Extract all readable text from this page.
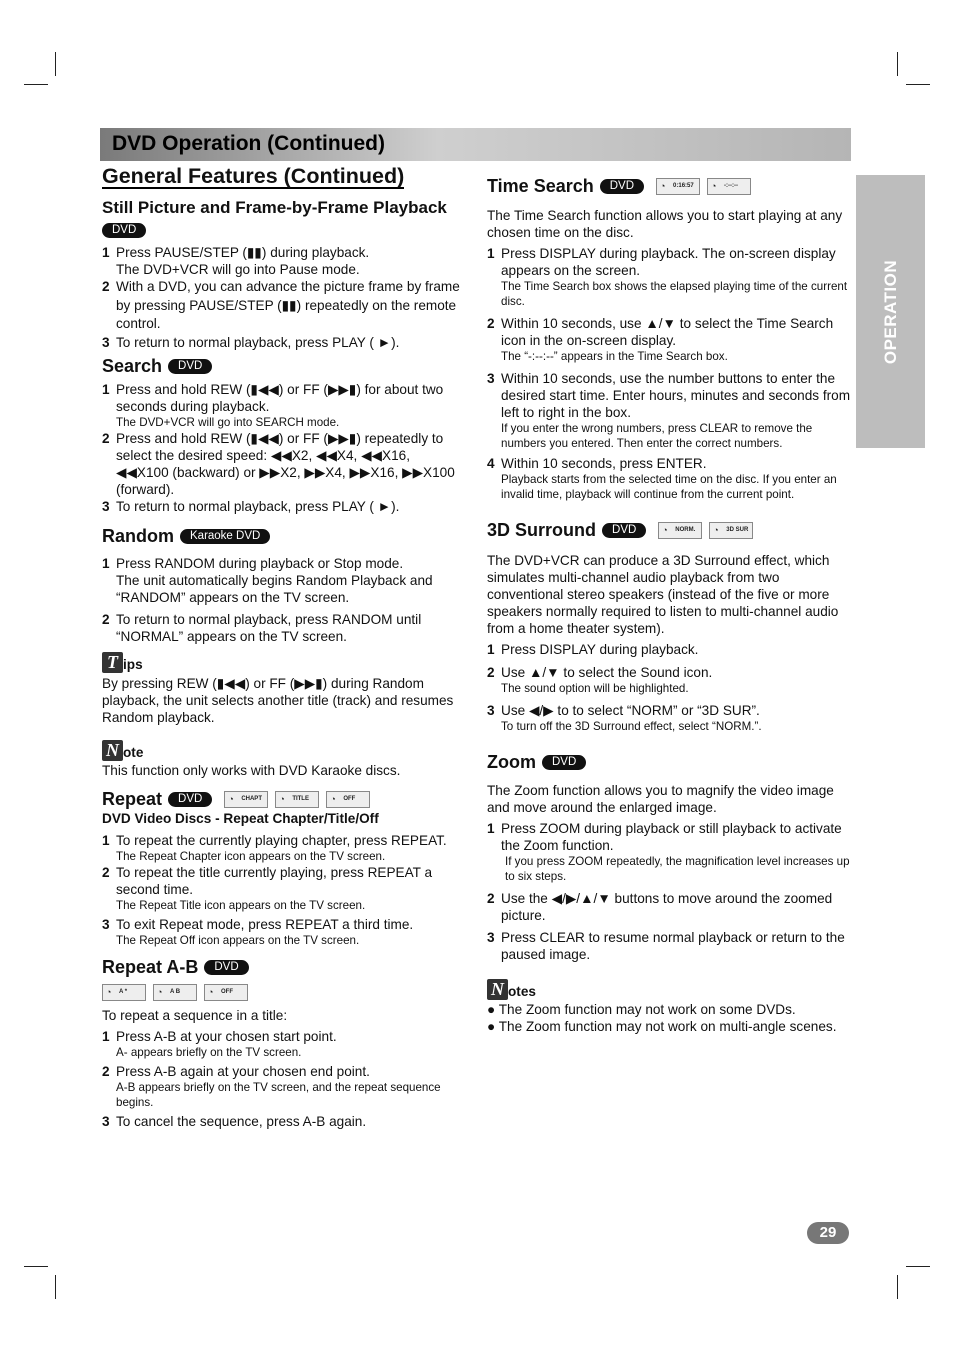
DVD Operation (Continued)
OPERATION
General Features (Continued)
Still Picture and Frame-by-Frame Playback
DVD
1 Press PAUSE/STEP (▮▮) during playback.
The DVD+VCR will go into Pause mode.
2 With a DVD, you can advance the picture frame by frame by pressing PAUSE/STEP (▮▮) repeatedly on the remote control.
3 To return to normal playback, press PLAY ( ►).
Search	DVD
1 Press and hold REW (▮◀◀) or FF (▶▶▮) for about two seconds during playback.
The DVD+VCR will go into SEARCH mode.
2 Press and hold REW (▮◀◀) or FF (▶▶▮) repeatedly to select the desired speed: ◀◀X2, ◀◀X4, ◀◀X16, ◀◀X100 (backward) or ▶▶X2, ▶▶X4, ▶▶X16, ▶▶X100 (forward).
3 To return to normal playback, press PLAY ( ►).
Random	Karaoke DVD
1 Press RANDOM during playback or Stop mode.
The unit automatically begins Random Playback and “RANDOM” appears on the TV screen.
2 To return to normal playback, press RANDOM until “NORMAL” appears on the TV screen.
T ips

By pressing REW (▮◀◀) or FF (▶▶▮) during Random playback, the unit selects another title (track) and resumes Random playback.

N ote

This function only works with DVD Karaoke discs.

Repeat	DVD	◔ CHAPT	◔ TITLE	◔ OFF

DVD Video Discs - Repeat Chapter/Title/Off

1 To repeat the currently playing chapter, press REPEAT.
The Repeat Chapter icon appears on the TV screen.
2 To repeat the title currently playing, press REPEAT a second time.
The Repeat Title icon appears on the TV screen.
3 To exit Repeat mode, press REPEAT a third time.
The Repeat Off icon appears on the TV screen.
Repeat A-B	DVD
◔ A *	◔ A B	◔ OFF

To repeat a sequence in a title:

1 Press A-B at your chosen start point.
A- appears briefly on the TV screen.
2 Press A-B again at your chosen end point.
A-B appears briefly on the TV screen, and the repeat sequence begins.
3 To cancel the sequence, press A-B again.
Time Search	DVD	◔ 0:16:57	◔ -:--:--

The Time Search function allows you to start playing at any chosen time on the disc.

1 Press DISPLAY during playback. The on-screen display appears on the screen.
The Time Search box shows the elapsed playing time of the current disc.
2 Within 10 seconds, use ▲/▼ to select the Time Search icon in the on-screen display.
The “-:--:--” appears in the Time Search box.
3 Within 10 seconds, use the number buttons to enter the desired start time. Enter hours, minutes and seconds from left to right in the box.
If you enter the wrong numbers, press CLEAR to remove the numbers you entered. Then enter the correct numbers.
4 Within 10 seconds, press ENTER.
Playback starts from the selected time on the disc. If you enter an invalid time, playback will continue from the current point.
3D Surround	DVD	◔ NORM.	◔ 3D SUR

The DVD+VCR can produce a 3D Surround effect, which simulates multi-channel audio playback from two conventional stereo speakers (instead of the five or more speakers normally required to listen to multi-channel audio from a home theater system).

1 Press DISPLAY during playback.
2 Use ▲/▼ to select the Sound icon.
The sound option will be highlighted.
3 Use ◀/▶ to to select “NORM” or “3D SUR”.
To turn off the 3D Surround effect, select “NORM.”.
Zoom	DVD

The Zoom function allows you to magnify the video image and move around the enlarged image.

1 Press ZOOM during playback or still playback to activate the Zoom function.
If you press ZOOM repeatedly, the magnification level increases up to six steps.
2 Use the ◀/▶/▲/▼ buttons to move around the zoomed picture.
3 Press CLEAR to resume normal playback or return to the paused image.
N otes
● The Zoom function may not work on some DVDs.
● The Zoom function may not work on multi-angle scenes.
29
